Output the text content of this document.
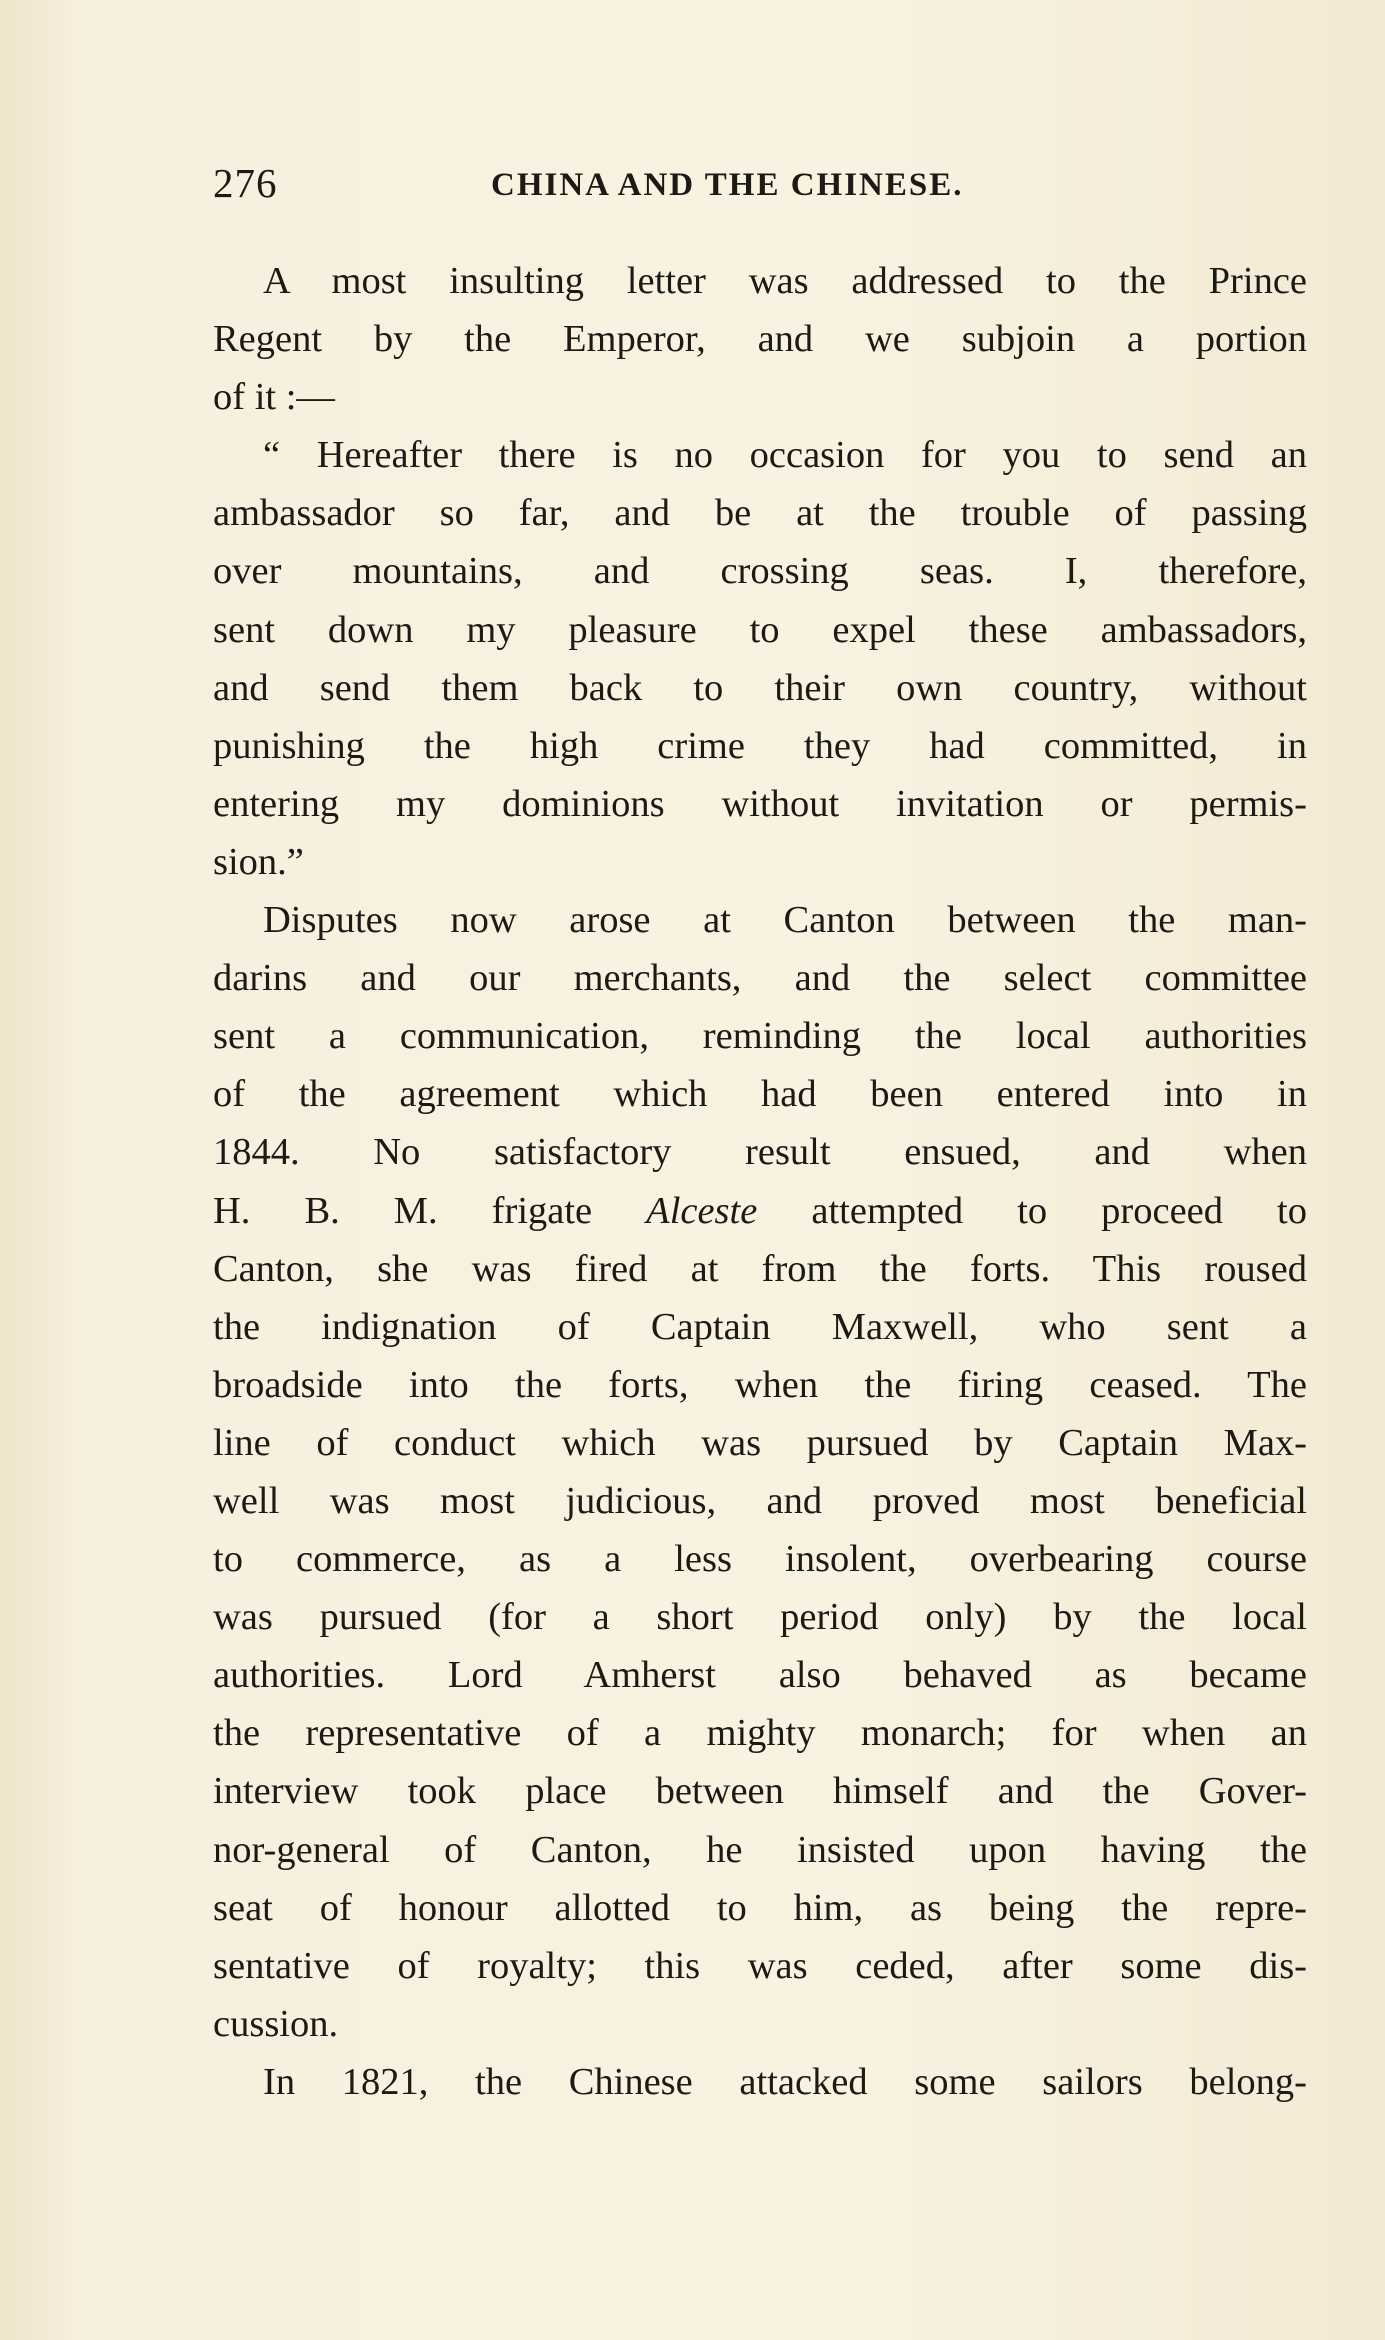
276	CHINA AND THE CHINESE.
A most insulting letter was addressed to the Prince
Regent by the Emperor, and we subjoin a portion
of it :—
“ Hereafter there is no occasion for you to send an
ambassador so far, and be at the trouble of passing
over mountains, and crossing seas. I, therefore,
sent down my pleasure to expel these ambassadors,
and send them back to their own country, without
punishing the high crime they had committed, in
entering my dominions without invitation or permis-
sion.”
Disputes now arose at Canton between the man-
darins and our merchants, and the select committee
sent a communication, reminding the local authorities
of the agreement which had been entered into in
1844. No satisfactory result ensued, and when
H. B. M. frigate Alceste attempted to proceed to
Canton, she was fired at from the forts. This roused
the indignation of Captain Maxwell, who sent a
broadside into the forts, when the firing ceased. The
line of conduct which was pursued by Captain Max-
well was most judicious, and proved most beneficial
to commerce, as a less insolent, overbearing course
was pursued (for a short period only) by the local
authorities. Lord Amherst also behaved as became
the representative of a mighty monarch; for when an
interview took place between himself and the Gover-
nor-general of Canton, he insisted upon having the
seat of honour allotted to him, as being the repre-
sentative of royalty; this was ceded, after some dis-
cussion.
In 1821, the Chinese attacked some sailors belong-
